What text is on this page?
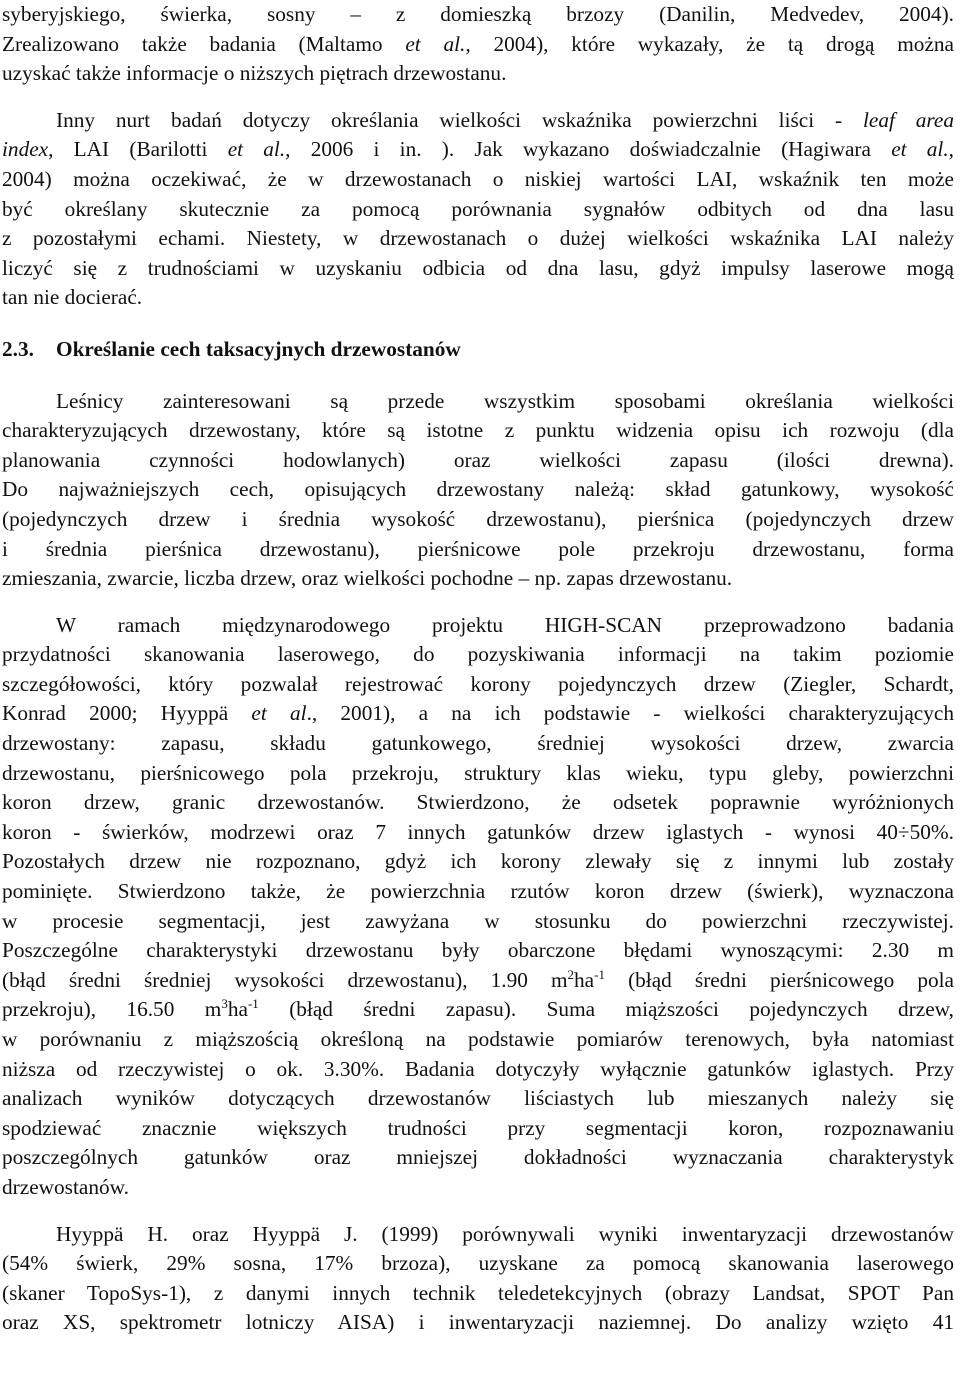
syberyjskiego, świerka, sosny – z domieszką brzozy (Danilin, Medvedev, 2004).
Zrealizowano także badania (Maltamo et al., 2004), które wykazały, że tą drogą można
uzyskać także informacje o niższych piętrach drzewostanu.
Inny nurt badań dotyczy określania wielkości wskaźnika powierzchni liści - leaf area
index, LAI (Barilotti et al., 2006 i in. ). Jak wykazano doświadczalnie (Hagiwara et al.,
2004) można oczekiwać, że w drzewostanach o niskiej wartości LAI, wskaźnik ten może
być określany skutecznie za pomocą porównania sygnałów odbitych od dna lasu
z pozostałymi echami. Niestety, w drzewostanach o dużej wielkości wskaźnika LAI należy
liczyć się z trudnościami w uzyskaniu odbicia od dna lasu, gdyż impulsy laserowe mogą
tan nie docierać.
2.3. Określanie cech taksacyjnych drzewostanów
Leśnicy zainteresowani są przede wszystkim sposobami określania wielkości
charakteryzujących drzewostany, które są istotne z punktu widzenia opisu ich rozwoju (dla
planowania czynności hodowlanych) oraz wielkości zapasu (ilości drewna).
Do najważniejszych cech, opisujących drzewostany należą: skład gatunkowy, wysokość
(pojedynczych drzew i średnia wysokość drzewostanu), pierśnica (pojedynczych drzew
i średnia pierśnica drzewostanu), pierśnicowe pole przekroju drzewostanu, forma
zmieszania, zwarcie, liczba drzew, oraz wielkości pochodne – np. zapas drzewostanu.
W ramach międzynarodowego projektu HIGH-SCAN przeprowadzono badania
przydatności skanowania laserowego, do pozyskiwania informacji na takim poziomie
szczegółowości, który pozwalał rejestrować korony pojedynczych drzew (Ziegler, Schardt,
Konrad 2000; Hyyppä et al., 2001), a na ich podstawie - wielkości charakteryzujących
drzewostany: zapasu, składu gatunkowego, średniej wysokości drzew, zwarcia
drzewostanu, pierśnicowego pola przekroju, struktury klas wieku, typu gleby, powierzchni
koron drzew, granic drzewostanów. Stwierdzono, że odsetek poprawnie wyróżnionych
koron - świerków, modrzewi oraz 7 innych gatunków drzew iglastych - wynosi 40÷50%.
Pozostałych drzew nie rozpoznano, gdyż ich korony zlewały się z innymi lub zostały
pominięte. Stwierdzono także, że powierzchnia rzutów koron drzew (świerk), wyznaczona
w procesie segmentacji, jest zawyżana w stosunku do powierzchni rzeczywistej.
Poszczególne charakterystyki drzewostanu były obarczone błędami wynoszącymi: 2.30 m
(błąd średni średniej wysokości drzewostanu), 1.90 $m^2ha^{-1}$ (błąd średni pierśnicowego pola
przekroju), 16.50 $m^3ha^{-1}$ (błąd średni zapasu). Suma miąższości pojedynczych drzew,
w porównaniu z miąższością określoną na podstawie pomiarów terenowych, była natomiast
niższa od rzeczywistej o ok. 3.30%. Badania dotyczyły wyłącznie gatunków iglastych. Przy
analizach wyników dotyczących drzewostanów liściastych lub mieszanych należy się
spodziewać znacznie większych trudności przy segmentacji koron, rozpoznawaniu
poszczególnych gatunków oraz mniejszej dokładności wyznaczania charakterystyk
drzewostanów.
Hyyppä H. oraz Hyyppä J. (1999) porównywali wyniki inwentaryzacji drzewostanów
(54% świerk, 29% sosna, 17% brzoza), uzyskane za pomocą skanowania laserowego
(skaner TopoSys-1), z danymi innych technik teledetekcyjnych (obrazy Landsat, SPOT Pan
oraz XS, spektrometr lotniczy AISA) i inwentaryzacji naziemnej. Do analizy wzięto 41
